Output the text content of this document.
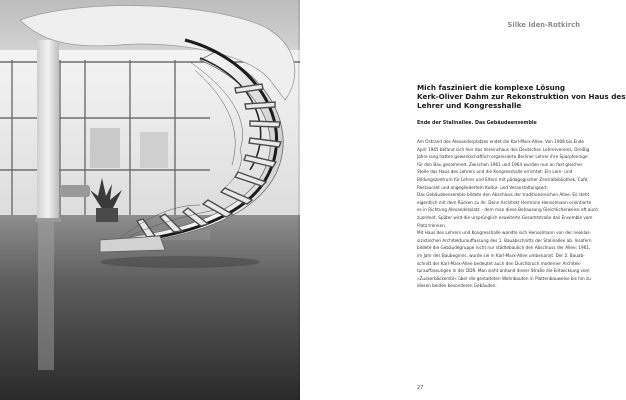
Silke Iden-Rotkirch
Mich fasziniert die komplexe Lösung
Kerk-Oliver Dahm zur Rekonstruktion von Haus des
Lehrer und Kongresshalle
Ende der Stalinallee. Das Gebäudeensemble

Am Ostrand des Alexanderplatzes endet die Karl-Marx-Allee. Von 1908 bis Ende
April 1945 befand sich hier das Vereinshaus des Deutschen Lehrervereins. Dreißig
Jahre lang hatten gewerkschaftlich organisierte Berliner Lehrer ihre Sparpfennige
für den Bau gesammelt. Zwischen 1961 und 1964 wurden nun an fast gleicher
Stelle das Haus des Lehrers und die Kongresshalle errichtet: Ein Lern- und
Bildungszentrum für Lehrer und Eltern mit pädagogischer Zentralbibliothek, Café,
Restaurant und angegliedertem Kultur- und Veranstaltungsort.
Das Gebäudeensemble bildete den Abschluss der traditionsreichen Allee. Es steht
eigentlich mit dem Rücken zu ihr. Denn Architekt Hermann Henselmann orientierte
es in Richtung Alexanderplatz – dem man diese Behausung Gleichlicherweise oft auch
zuordnet. Später wird die ursprünglich erweiterte Gesamtstraße das Ensemble vom
Platz trennen.

Mit Haus des Lehrers und Kongresshalle wandte sich Henselmann von der neoklas-
sizistischen Architekturauffassung des 1. Bauabschnitts der Stalinallee ab. Insofern
bildete die Gebäudegruppe nicht nur städtebaulich den Abschluss der Allee: 1961,
im Jahr des Baubeginns, wurde sie in Karl-Marx-Allee umbenannt. Der 2. Bauab-
schnitt der Karl-Marx-Allee bedeutet auch den Durchbruch moderner Architek-
turauffassungen in der DDR. Man sieht anhand dieser Straße die Entwicklung vom
»Zuckerbäckerstil« über die gestalteten Wohnbauten in Plattenbauweise bis hin zu
diesen beiden besonderen Gebäuden.

27
